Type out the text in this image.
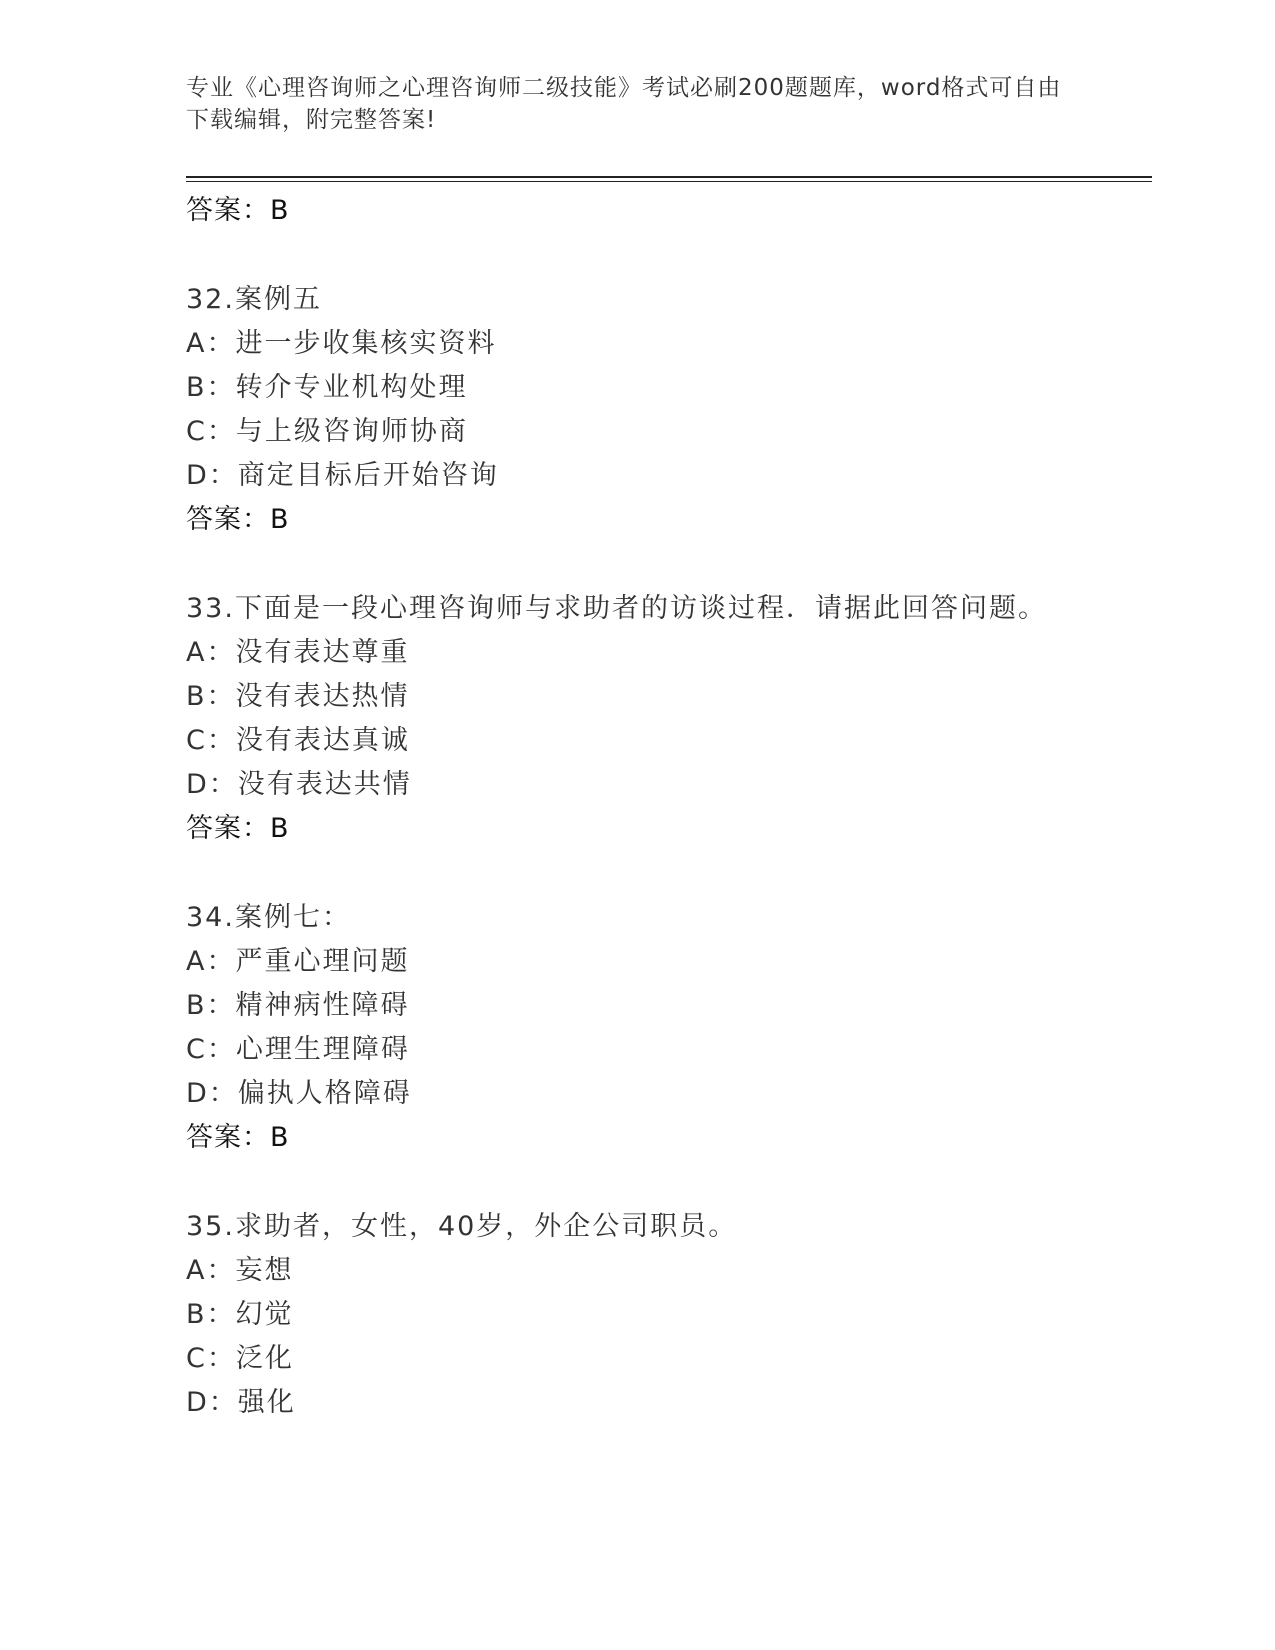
专业《心理咨询师之心理咨询师二级技能》考试必刷200题题库，word格式可自由下载编辑，附完整答案!
答案：B
32.案例五
A：进一步收集核实资料
B：转介专业机构处理
C：与上级咨询师协商
D：商定目标后开始咨询
答案：B
33.下面是一段心理咨询师与求助者的访谈过程．请据此回答问题。
A：没有表达尊重
B：没有表达热情
C：没有表达真诚
D：没有表达共情
答案：B
34.案例七：
A：严重心理问题
B：精神病性障碍
C：心理生理障碍
D：偏执人格障碍
答案：B
35.求助者，女性，40岁，外企公司职员。
A：妄想
B：幻觉
C：泛化
D：强化
